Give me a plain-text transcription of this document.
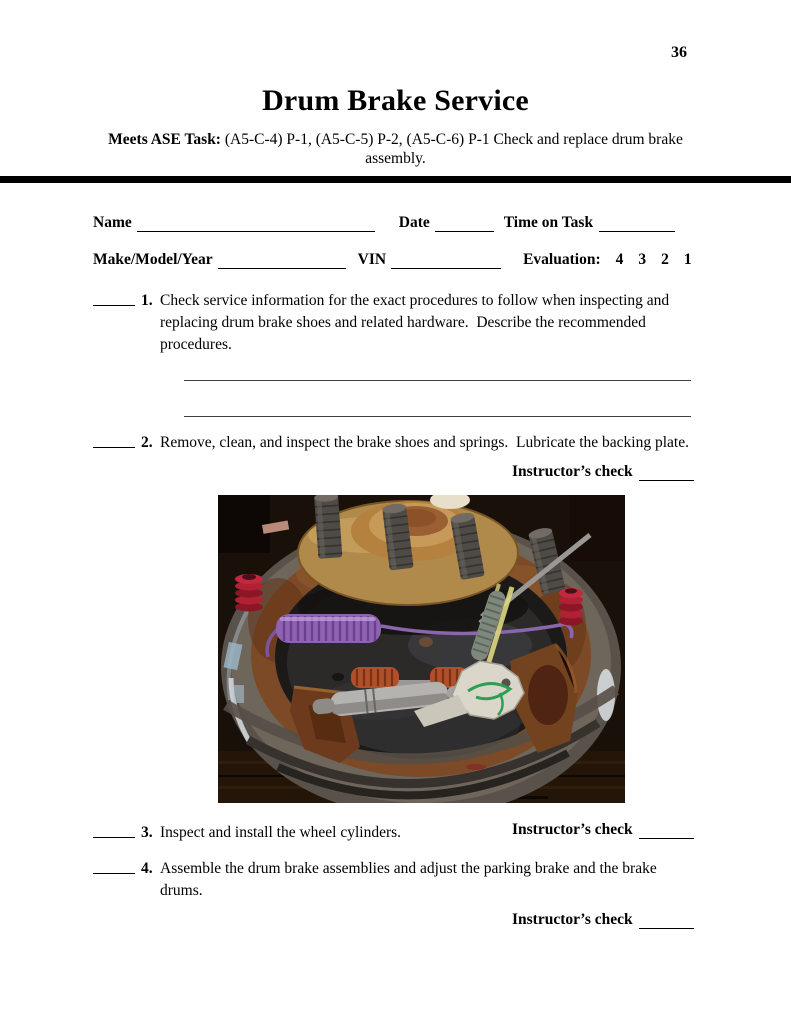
36
Drum Brake Service
Meets ASE Task: (A5-C-4) P-1, (A5-C-5) P-2, (A5-C-6) P-1 Check and replace drum brake assembly.
Name	Date	Time on Task
Make/Model/Year	VIN	Evaluation: 4 3 2 1
1. Check service information for the exact procedures to follow when inspecting and replacing drum brake shoes and related hardware.  Describe the recommended procedures.
2. Remove, clean, and inspect the brake shoes and springs.  Lubricate the backing plate.
Instructor’s check
3. Inspect and install the wheel cylinders.	Instructor’s check
4. Assemble the drum brake assemblies and adjust the parking brake and the brake drums.
Instructor’s check
